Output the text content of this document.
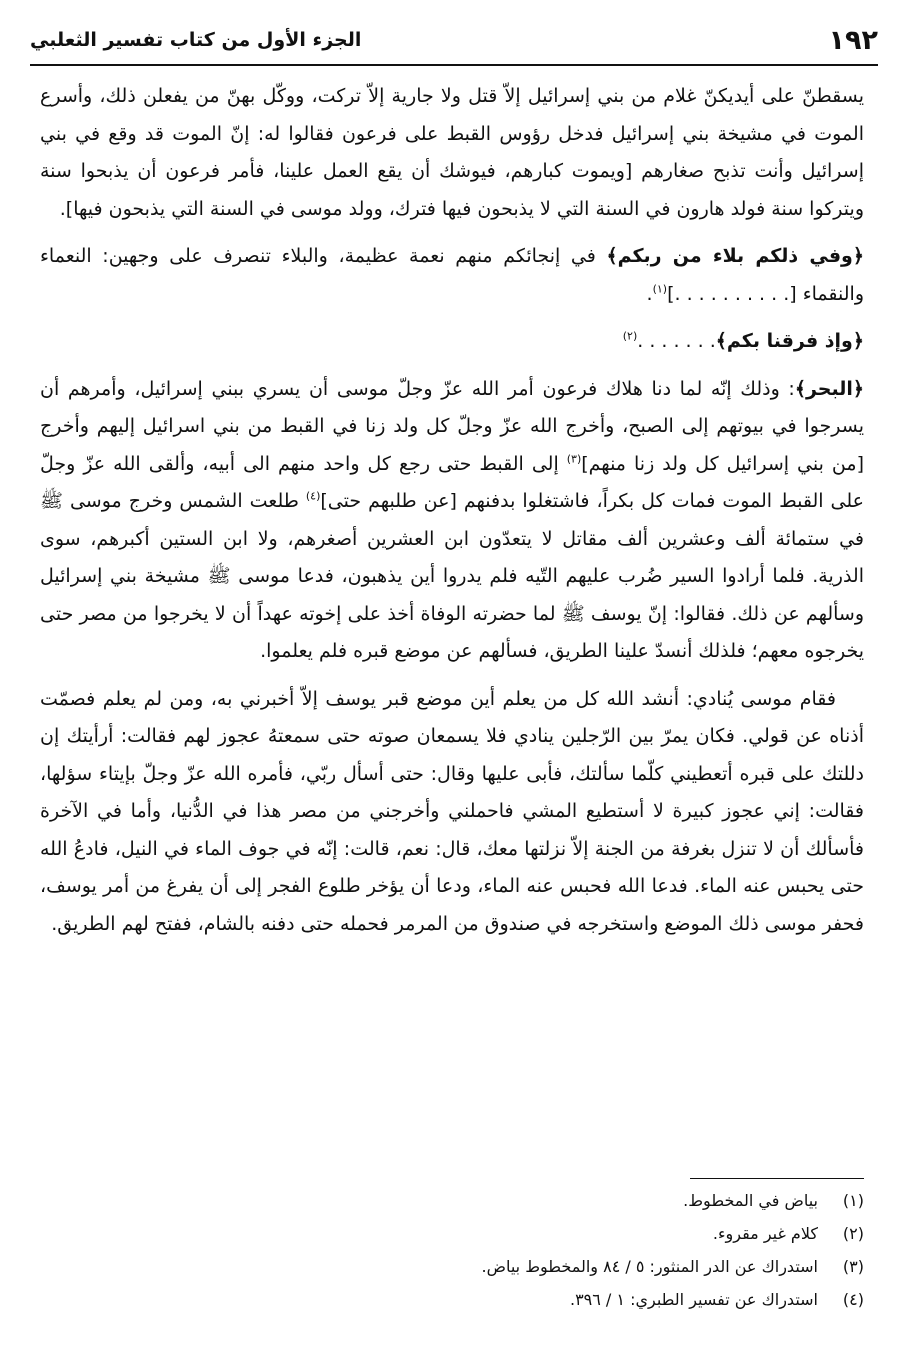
١٩٢
الجزء الأول من كتاب تفسير الثعلبي

يسقطنّ على أيديكنّ غلام من بني إسرائيل إلاّ قتل ولا جارية إلاّ تركت، ووكّل بهنّ من يفعلن ذلك، وأسرع الموت في مشيخة بني إسرائيل فدخل رؤوس القبط على فرعون فقالوا له: إنّ الموت قد وقع في بني إسرائيل وأنت تذبح صغارهم [ويموت كبارهم، فيوشك أن يقع العمل علينا، فأمر فرعون أن يذبحوا سنة ويتركوا سنة فولد هارون في السنة التي لا يذبحون فيها فترك، وولد موسى في السنة التي يذبحون فيها].

﴿وفي ذلكم بلاء من ربكم﴾ في إنجائكم منهم نعمة عظيمة، والبلاء تنصرف على وجهين: النعماء والنقماء [. . . . . . . . . .]$^{(١)}$.

﴿وإذ فرقنا بكم﴾. . . . . . .$^{(٢)}$

﴿البحر﴾: وذلك إنّه لما دنا هلاك فرعون أمر الله عزّ وجلّ موسى أن يسري ببني إسرائيل، وأمرهم أن يسرجوا في بيوتهم إلى الصبح، وأخرج الله عزّ وجلّ كل ولد زنا في القبط من بني اسرائيل إليهم وأخرج [من بني إسرائيل كل ولد زنا منهم]$^{(٣)}$ إلى القبط حتى رجع كل واحد منهم الى أبيه، وألقى الله عزّ وجلّ على القبط الموت فمات كل بكراً، فاشتغلوا بدفنهم [عن طلبهم حتى]$^{(٤)}$ طلعت الشمس وخرج موسى ﷺ في ستمائة ألف وعشرين ألف مقاتل لا يتعدّون ابن العشرين أصغرهم، ولا ابن الستين أكبرهم، سوى الذرية. فلما أرادوا السير ضُرب عليهم التّيه فلم يدروا أين يذهبون، فدعا موسى ﷺ مشيخة بني إسرائيل وسألهم عن ذلك. فقالوا: إنّ يوسف ﷺ لما حضرته الوفاة أخذ على إخوته عهداً أن لا يخرجوا من مصر حتى يخرجوه معهم؛ فلذلك أنسدّ علينا الطريق، فسألهم عن موضع قبره فلم يعلموا.

فقام موسى يُنادي: أنشد الله كل من يعلم أين موضع قبر يوسف إلاّ أخبرني به، ومن لم يعلم فصمّت أذناه عن قولي. فكان يمرّ بين الرّجلين ينادي فلا يسمعان صوته حتى سمعتهُ عجوز لهم فقالت: أرأيتك إن دللتك على قبره أتعطيني كلّما سألتك، فأبى عليها وقال: حتى أسأل ربّي، فأمره الله عزّ وجلّ بإيتاء سؤلها، فقالت: إني عجوز كبيرة لا أستطيع المشي فاحملني وأخرجني من مصر هذا في الدُّنيا، وأما في الآخرة فأسألك أن لا تنزل بغرفة من الجنة إلاّ نزلتها معك، قال: نعم، قالت: إنّه في جوف الماء في النيل، فادعُ الله حتى يحبس عنه الماء. فدعا الله فحبس عنه الماء، ودعا أن يؤخر طلوع الفجر إلى أن يفرغ من أمر يوسف، فحفر موسى ذلك الموضع واستخرجه في صندوق من المرمر فحمله حتى دفنه بالشام، ففتح لهم الطريق.

(١)
بياض في المخطوط.
(٢)
كلام غير مقروء.
(٣)
استدراك عن الدر المنثور: ٥ / ٨٤ والمخطوط بياض.
(٤)
استدراك عن تفسير الطبري: ١ / ٣٩٦.
